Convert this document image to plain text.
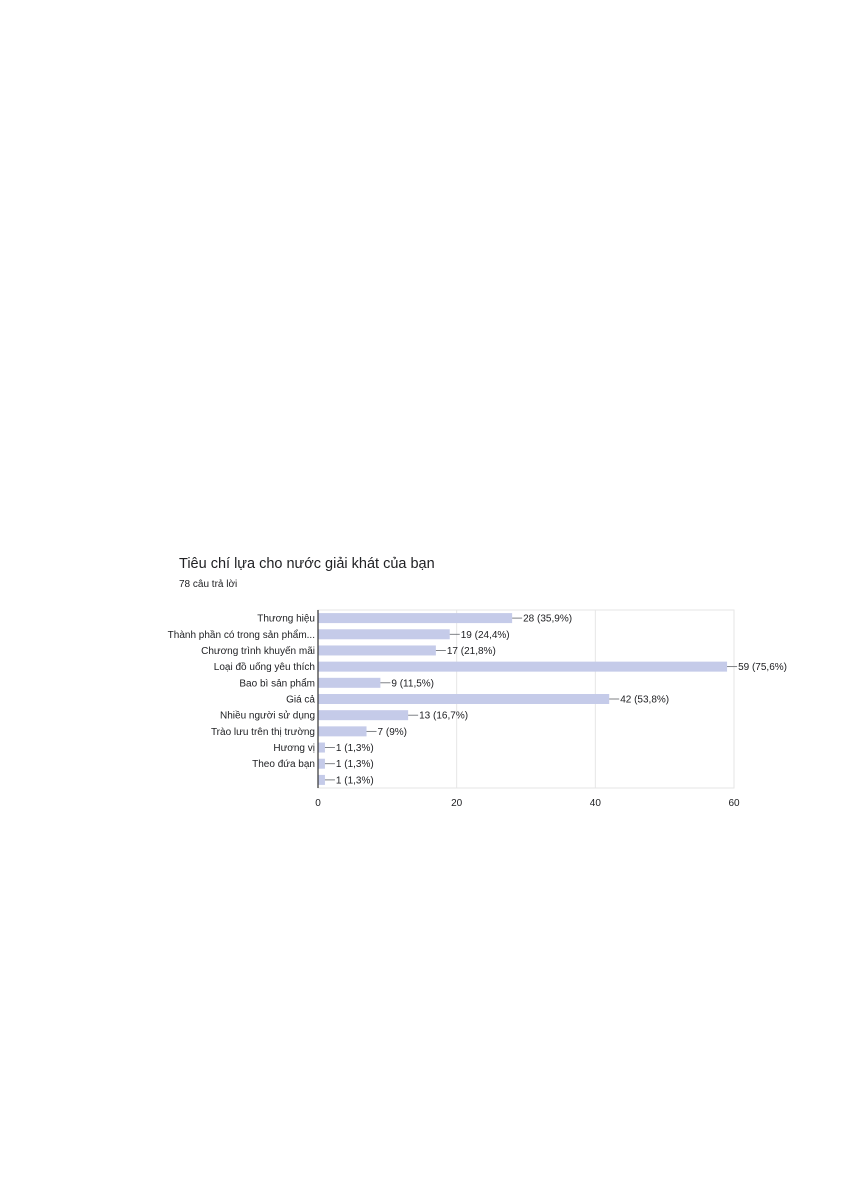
Tiêu chí lựa cho nước giải khát của bạn
78 câu trả lời
0	20	40	60
Thương hiệu	28 (35,9%)
Thành phần có trong sản phẩm...	19 (24,4%)
Chương trình khuyến mãi	17 (21,8%)
Loại đồ uống yêu thích	59 (75,6%)
Bao bì sản phẩm	9 (11,5%)
Giá cả	42 (53,8%)
Nhiều người sử dụng	13 (16,7%)
Trào lưu trên thị trường	7 (9%)
Hương vị 1 (1,3%)
Theo đứa bạn 1 (1,3%)
1 (1,3%)
